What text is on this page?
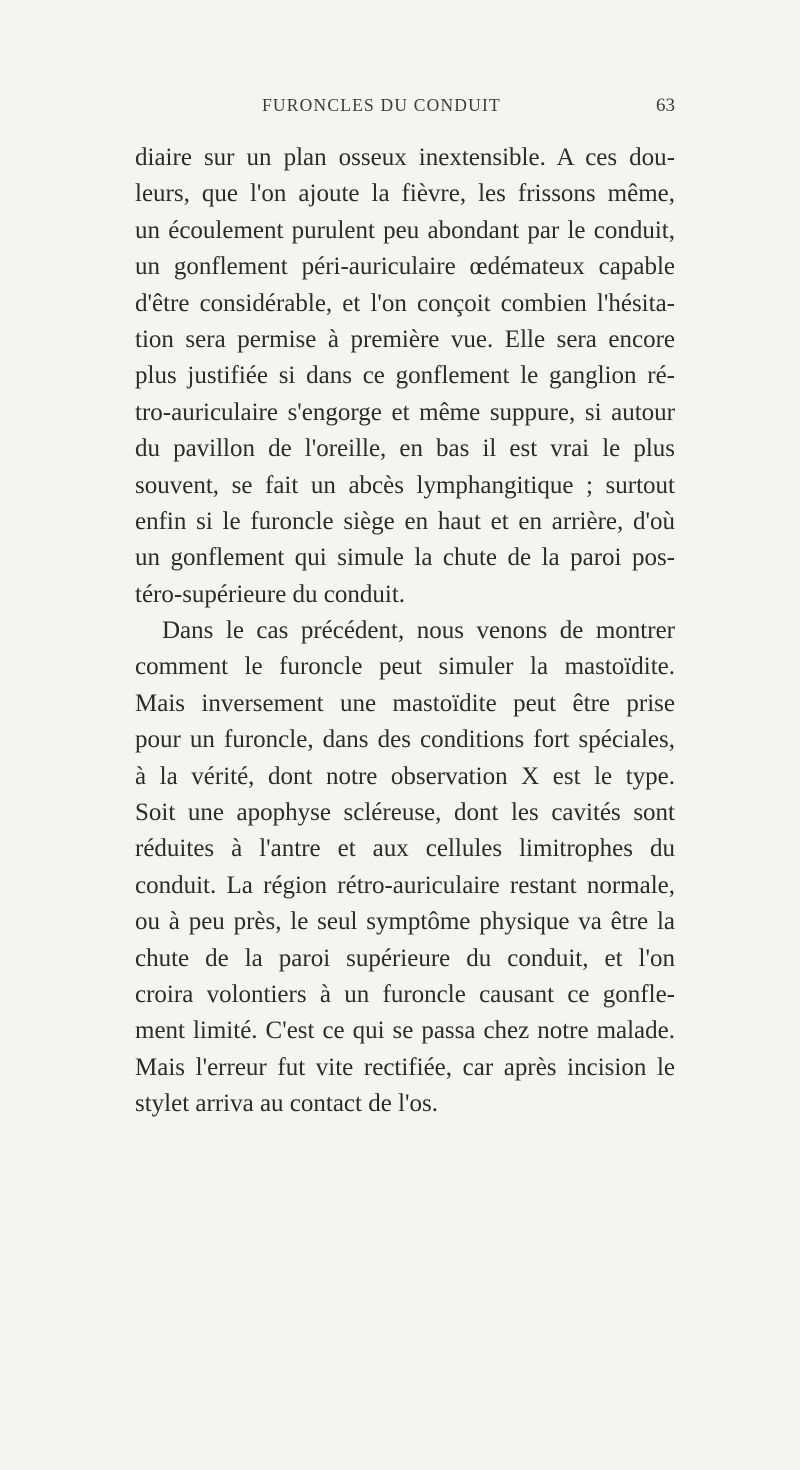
FURONCLES DU CONDUIT	63
diaire sur un plan osseux inextensible. A ces dou-
leurs, que l'on ajoute la fièvre, les frissons même,
un écoulement purulent peu abondant par le conduit,
un gonflement péri-auriculaire œdémateux capable
d'être considérable, et l'on conçoit combien l'hésita-
tion sera permise à première vue. Elle sera encore
plus justifiée si dans ce gonflement le ganglion ré-
tro-auriculaire s'engorge et même suppure, si autour
du pavillon de l'oreille, en bas il est vrai le plus
souvent, se fait un abcès lymphangitique ; surtout
enfin si le furoncle siège en haut et en arrière, d'où
un gonflement qui simule la chute de la paroi pos-
téro-supérieure du conduit.
Dans le cas précédent, nous venons de montrer
comment le furoncle peut simuler la mastoïdite.
Mais inversement une mastoïdite peut être prise
pour un furoncle, dans des conditions fort spéciales,
à la vérité, dont notre observation X est le type.
Soit une apophyse scléreuse, dont les cavités sont
réduites à l'antre et aux cellules limitrophes du
conduit. La région rétro-auriculaire restant normale,
ou à peu près, le seul symptôme physique va être la
chute de la paroi supérieure du conduit, et l'on
croira volontiers à un furoncle causant ce gonfle-
ment limité. C'est ce qui se passa chez notre malade.
Mais l'erreur fut vite rectifiée, car après incision le
stylet arriva au contact de l'os.
